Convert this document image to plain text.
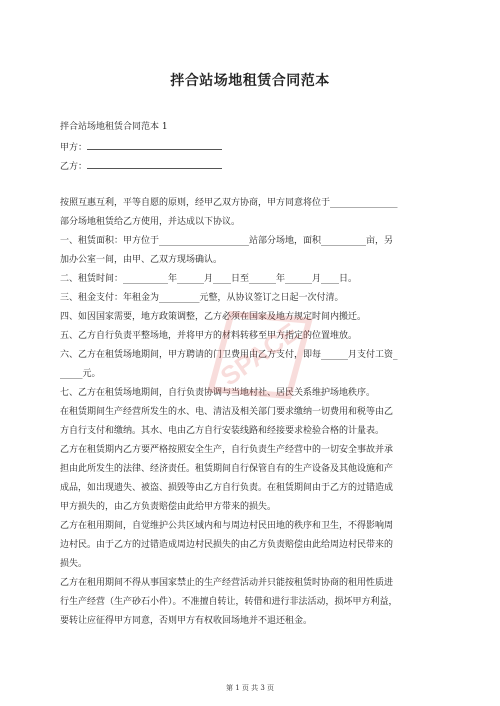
拌合站场地租赁合同范本
拌合站场地租赁合同范本 1
甲方：
乙方：
按照互惠互利，平等自愿的原则，经甲乙双方协商，甲方同意将位于_______________
部分场地租赁给乙方使用，并达成以下协议。
一、租赁面积：甲方位于____________________站部分场地，面积__________亩，另
加办公室一间，由甲、乙双方现场确认。
二、租赁时间：__________年______月____日至______年______月____日。
三、租金支付：年租金为_________元整，从协议签订之日起一次付清。
四、如因国家需要，地方政策调整，乙方必须在国家及地方规定时间内搬迁。
五、乙方自行负责平整场地，并将甲方的材料转移至甲方指定的位置堆放。
六、乙方在租赁场地期间，甲方聘请的门卫费用由乙方支付，即每______月支付工资_
_____元。
七、乙方在租赁场地期间，自行负责协调与当地村社、居民关系维护场地秩序。
在租赁期间生产经营所发生的水、电、清洁及相关部门要求缴纳一切费用和税等由乙
方自行支付和缴纳。其水、电由乙方自行安装线路和经接要求检验合格的计量表。
乙方在租赁期内乙方要严格按照安全生产，自行负责生产经营中的一切安全事故并承
担由此所发生的法律、经济责任。租赁期间自行保管自有的生产设备及其他设施和产
成品，如出现遗失、被盗、损毁等由乙方自行负责。在租赁期间由于乙方的过错造成
甲方损失的，由乙方负责赔偿由此给甲方带来的损失。
乙方在租用期间，自觉维护公共区域内和与周边村民田地的秩序和卫生，不得影响周
边村民。由于乙方的过错造成周边村民损失的由乙方负责赔偿由此给周边村民带来的
损失。
乙方在租用期间不得从事国家禁止的生产经营活动并只能按租赁时协商的租用性质进
行生产经营（生产砂石小件）。不准擅自转让，转借和进行非法活动，损坏甲方利益，
要转让应征得甲方同意，否则甲方有权收回场地并不退还租金。
SPACE
第 1 页 共 3 页
